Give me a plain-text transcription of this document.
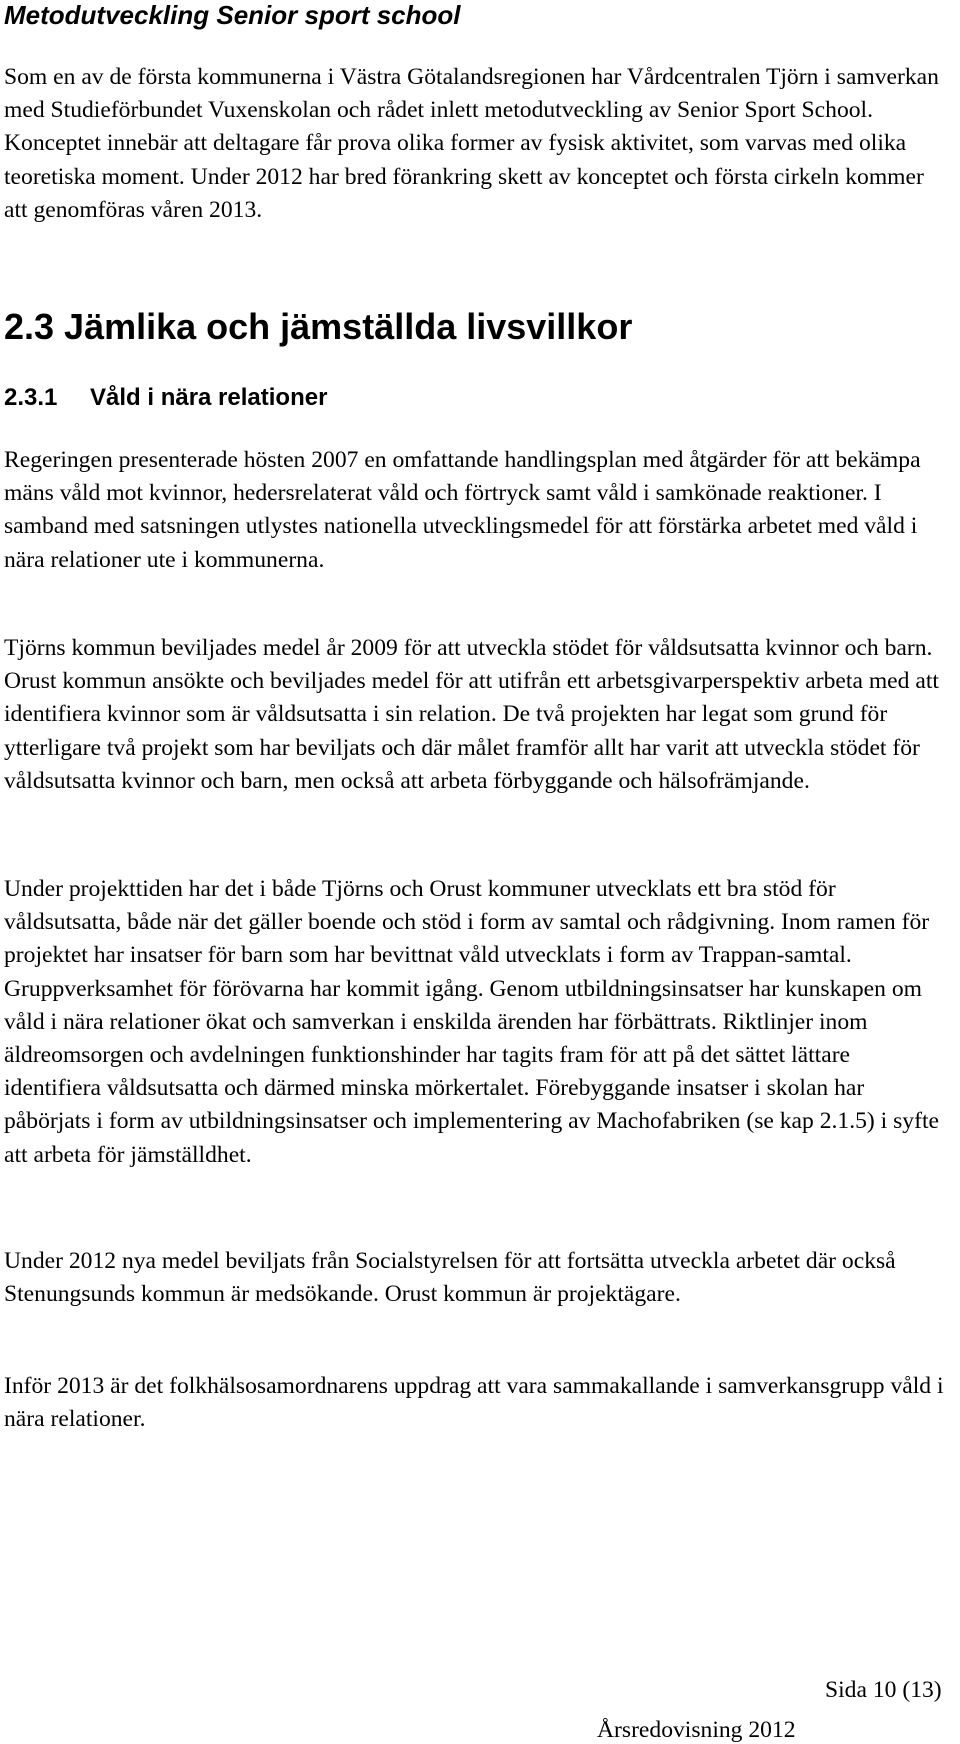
Metodutveckling Senior sport school

Som en av de första kommunerna i Västra Götalandsregionen har Vårdcentralen Tjörn i samverkan med Studieförbundet Vuxenskolan och rådet inlett metodutveckling av Senior Sport School. Konceptet innebär att deltagare får prova olika former av fysisk aktivitet, som varvas med olika teoretiska moment. Under 2012 har bred förankring skett av konceptet och första cirkeln kommer att genomföras våren 2013.

2.3 Jämlika och jämställda livsvillkor
2.3.1 Våld i nära relationer

Regeringen presenterade hösten 2007 en omfattande handlingsplan med åtgärder för att bekämpa mäns våld mot kvinnor, hedersrelaterat våld och förtryck samt våld i samkönade reaktioner. I samband med satsningen utlystes nationella utvecklingsmedel för att förstärka arbetet med våld i nära relationer ute i kommunerna.

Tjörns kommun beviljades medel år 2009 för att utveckla stödet för våldsutsatta kvinnor och barn. Orust kommun ansökte och beviljades medel för att utifrån ett arbetsgivarperspektiv arbeta med att identifiera kvinnor som är våldsutsatta i sin relation. De två projekten har legat som grund för ytterligare två projekt som har beviljats och där målet framför allt har varit att utveckla stödet för våldsutsatta kvinnor och barn, men också att arbeta förbyggande och hälsofrämjande.

Under projekttiden har det i både Tjörns och Orust kommuner utvecklats ett bra stöd för våldsutsatta, både när det gäller boende och stöd i form av samtal och rådgivning. Inom ramen för projektet har insatser för barn som har bevittnat våld utvecklats i form av Trappan-samtal. Gruppverksamhet för förövarna har kommit igång. Genom utbildningsinsatser har kunskapen om våld i nära relationer ökat och samverkan i enskilda ärenden har förbättrats. Riktlinjer inom äldreomsorgen och avdelningen funktionshinder har tagits fram för att på det sättet lättare identifiera våldsutsatta och därmed minska mörkertalet. Förebyggande insatser i skolan har påbörjats i form av utbildningsinsatser och implementering av Machofabriken (se kap 2.1.5) i syfte att arbeta för jämställdhet.

Under 2012 nya medel beviljats från Socialstyrelsen för att fortsätta utveckla arbetet där också Stenungsunds kommun är medsökande. Orust kommun är projektägare.

Inför 2013 är det folkhälsosamordnarens uppdrag att vara sammakallande i samverkansgrupp våld i nära relationer.

Sida 10 (13)
Årsredovisning 2012
